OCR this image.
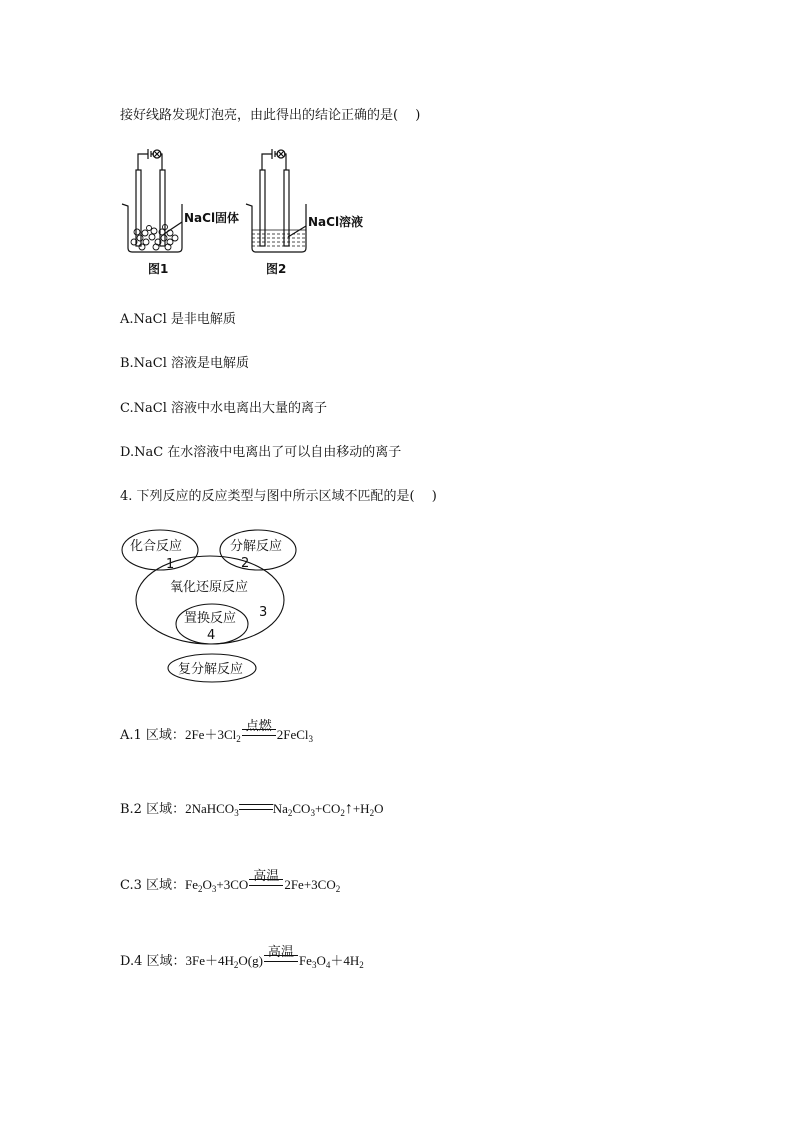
接好线路发现灯泡亮，由此得出的结论正确的是(　 )
NaCl固体
图1
NaCl溶液
图2
A.NaCl 是非电解质
B.NaCl 溶液是电解质
C.NaCl 溶液中水电离出大量的离子
D.NaC 在水溶液中电离出了可以自由移动的离子
4. 下列反应的反应类型与图中所示区域不匹配的是(　 )
化合反应
1
分解反应
2
氧化还原反应
3
置换反应
4
复分解反应
A.1 区域：$2Fe+3Cl_2$
点燃
2FeCl$_3$
B.2 区域：2NaHCO$_3$	$Na_2CO_3+CO_2↑+H_2O$
C.3 区域：$Fe_2O_3+3CO$
高温
$2Fe+3CO_2$
D.4 区域：$3Fe+4H_2O(g)$
高温
$Fe_3O_4+4H_2$
